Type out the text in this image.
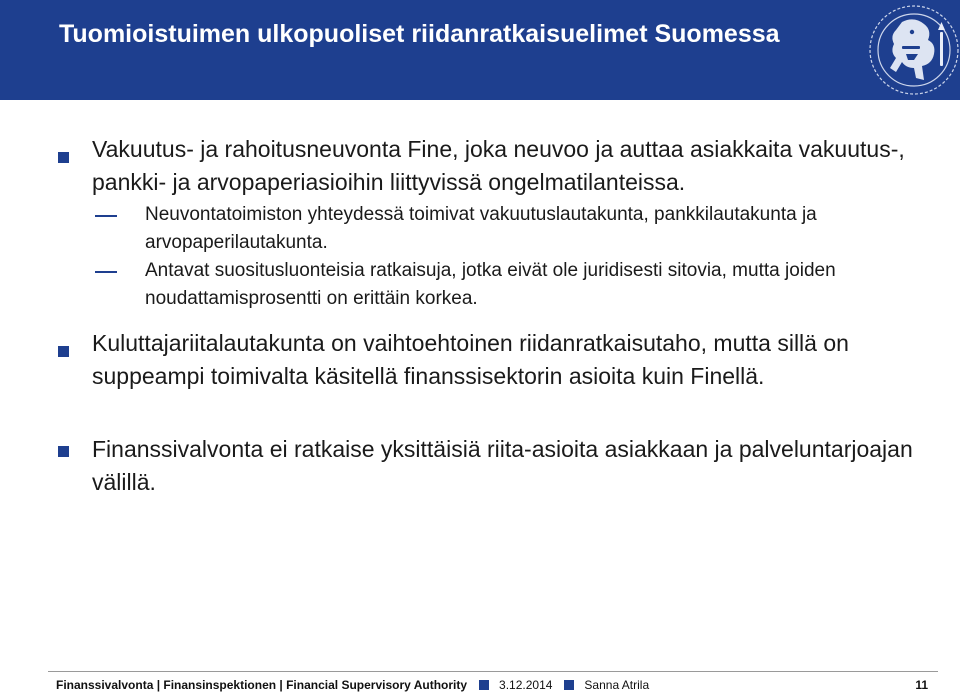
Tuomioistuimen ulkopuoliset riidanratkaisuelimet Suomessa
Vakuutus- ja rahoitusneuvonta Fine, joka neuvoo ja auttaa asiakkaita vakuutus-, pankki- ja arvopaperiasioihin liittyvissä ongelmatilanteissa.
Neuvontatoimiston yhteydessä toimivat vakuutuslautakunta, pankkilautakunta ja arvopaperilautakunta.
Antavat suositusluonteisia ratkaisuja, jotka eivät ole juridisesti sitovia, mutta joiden noudattamisprosentti on erittäin korkea.
Kuluttajariitalautakunta on vaihtoehtoinen riidanratkaisutaho, mutta sillä on suppeampi toimivalta käsitellä finanssisektorin asioita kuin Finellä.
Finanssivalvonta ei ratkaise yksittäisiä riita-asioita asiakkaan ja palveluntarjoajan välillä.
Finanssivalvonta | Finansinspektionen | Financial Supervisory Authority	3.12.2014	Sanna Atrila	11
